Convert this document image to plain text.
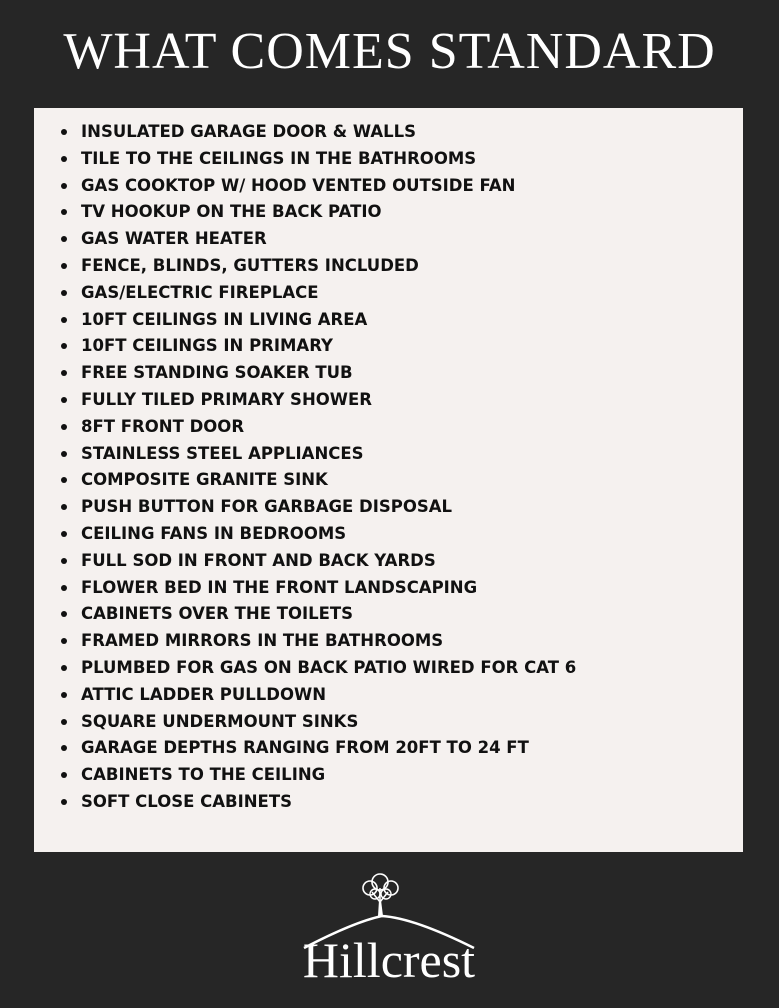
WHAT COMES STANDARD
INSULATED GARAGE DOOR & WALLS
TILE TO THE CEILINGS IN THE BATHROOMS
GAS COOKTOP W/ HOOD VENTED OUTSIDE FAN
TV HOOKUP ON THE BACK PATIO
GAS WATER HEATER
FENCE, BLINDS, GUTTERS INCLUDED
GAS/ELECTRIC FIREPLACE
10FT CEILINGS IN LIVING AREA
10FT CEILINGS IN PRIMARY
FREE STANDING SOAKER TUB
FULLY TILED PRIMARY SHOWER
8FT FRONT DOOR
STAINLESS STEEL APPLIANCES
COMPOSITE GRANITE SINK
PUSH BUTTON FOR GARBAGE DISPOSAL
CEILING FANS IN BEDROOMS
FULL SOD IN FRONT AND BACK YARDS
FLOWER BED IN THE FRONT LANDSCAPING
CABINETS OVER THE TOILETS
FRAMED MIRRORS IN THE BATHROOMS
PLUMBED FOR GAS ON BACK PATIO WIRED FOR CAT 6
ATTIC LADDER PULLDOWN
SQUARE UNDERMOUNT SINKS
GARAGE DEPTHS RANGING FROM 20FT TO 24 FT
CABINETS TO THE CEILING
SOFT CLOSE CABINETS
Hillcrest
